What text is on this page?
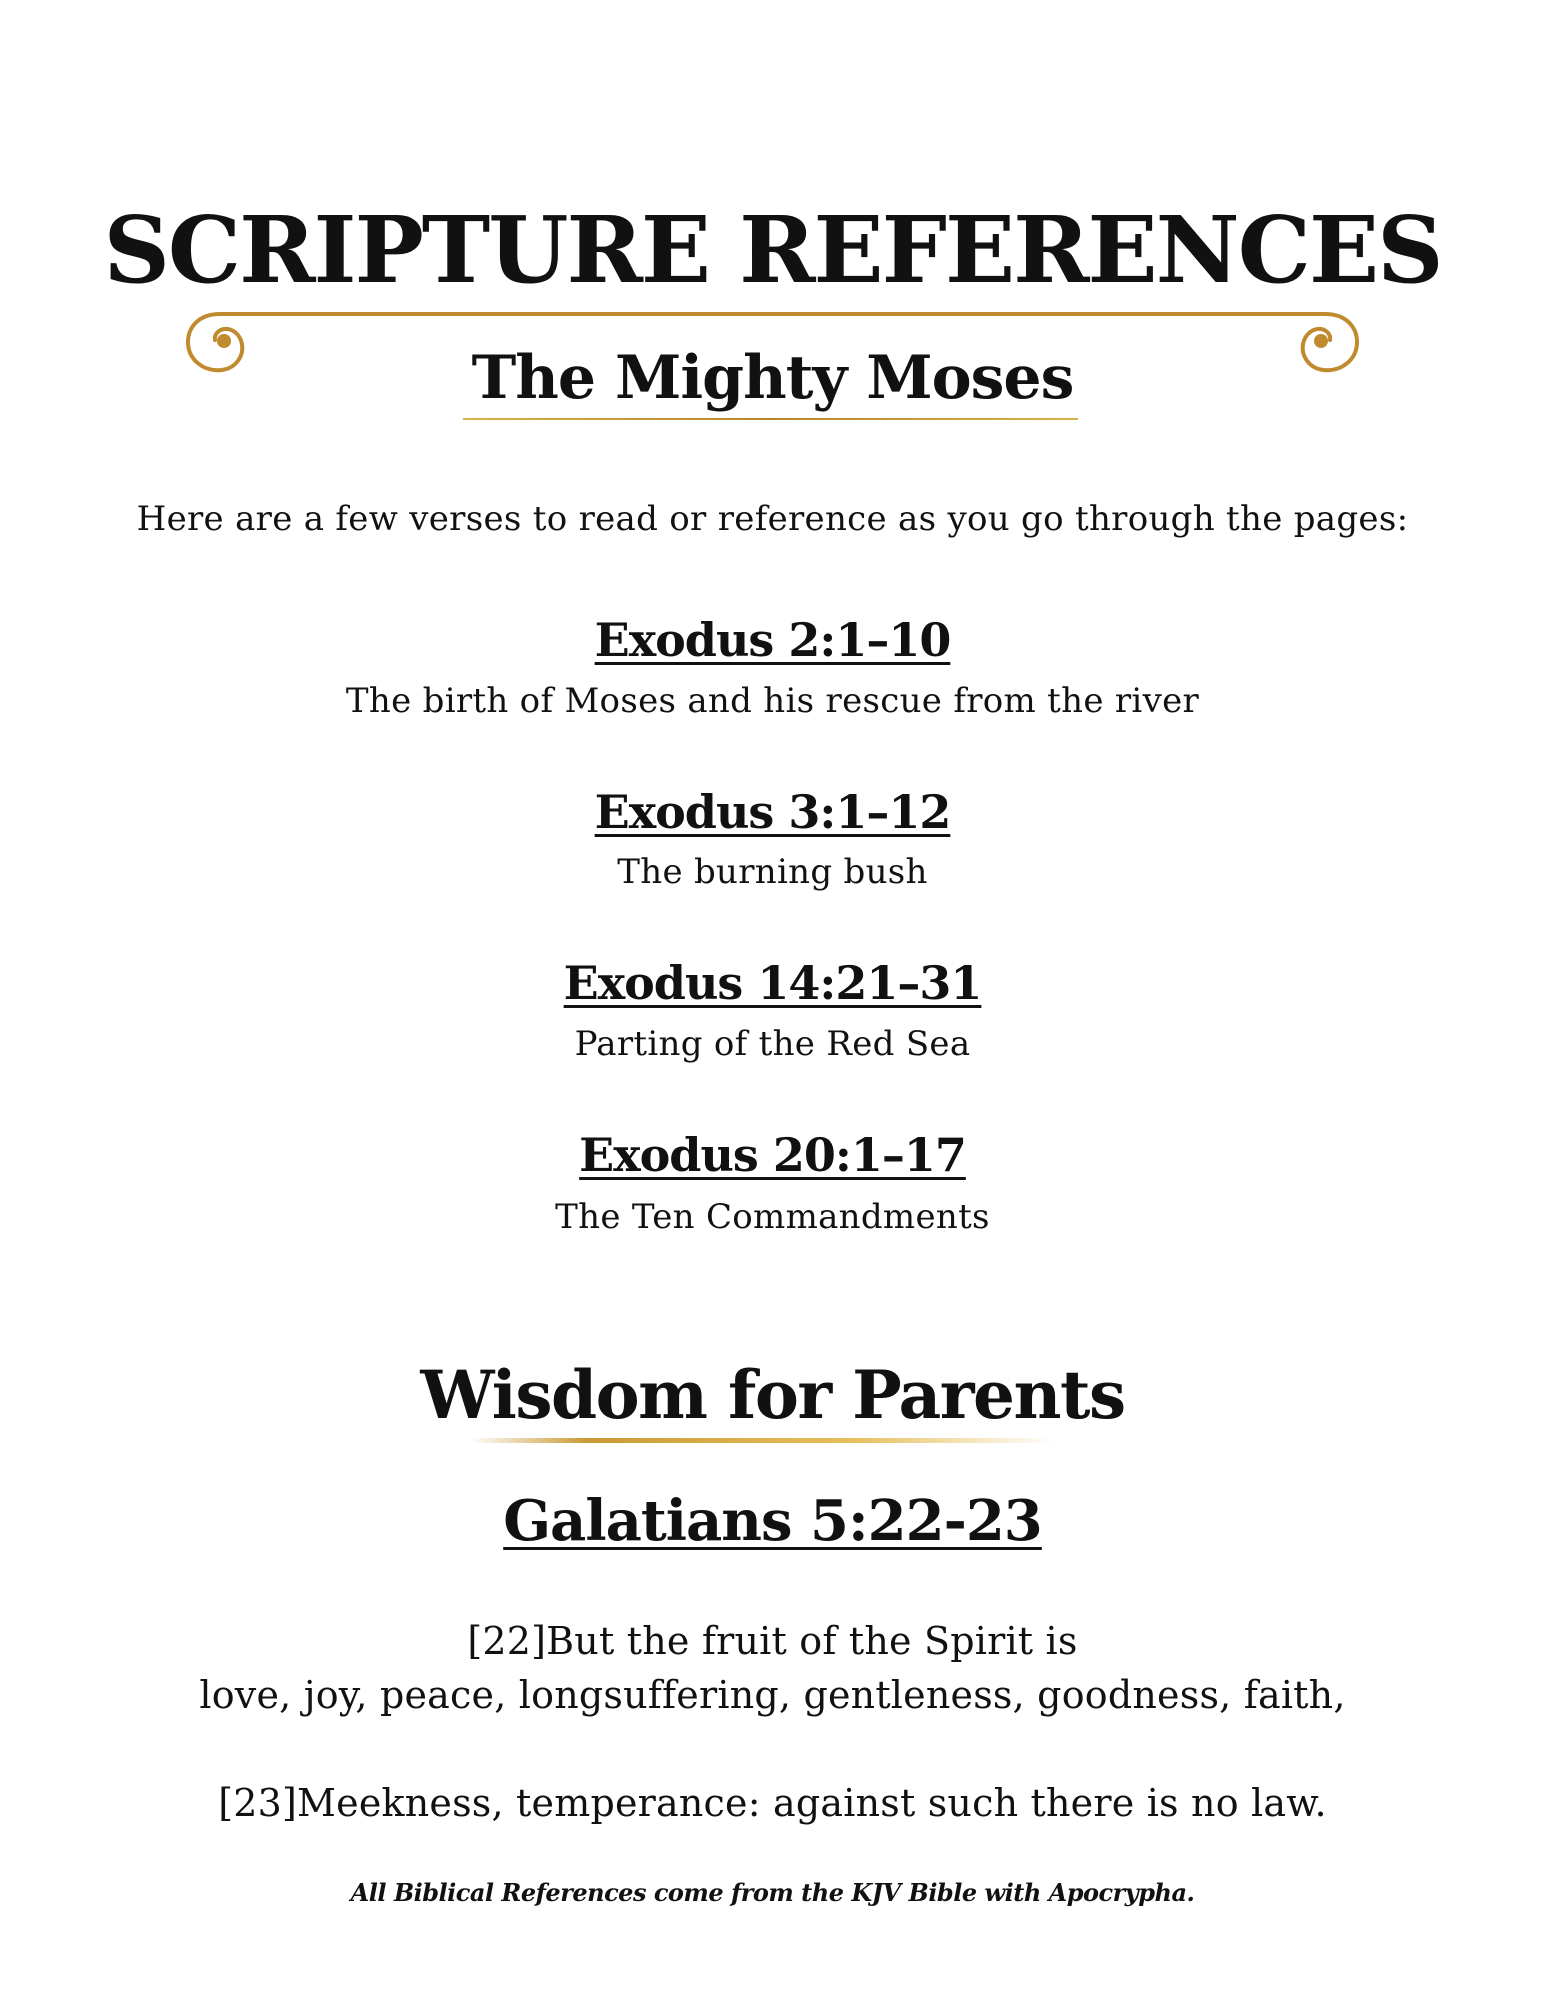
SCRIPTURE REFERENCES
The Mighty Moses
Here are a few verses to read or reference as you go through the pages:
Exodus 2:1–10
The birth of Moses and his rescue from the river
Exodus 3:1–12
The burning bush
Exodus 14:21–31
Parting of the Red Sea
Exodus 20:1–17
The Ten Commandments
Wisdom for Parents
Galatians 5:22-23
[22]But the fruit of the Spirit is
love, joy, peace, longsuffering, gentleness, goodness, faith,
[23]Meekness, temperance: against such there is no law.
All Biblical References come from the KJV Bible with Apocrypha.
